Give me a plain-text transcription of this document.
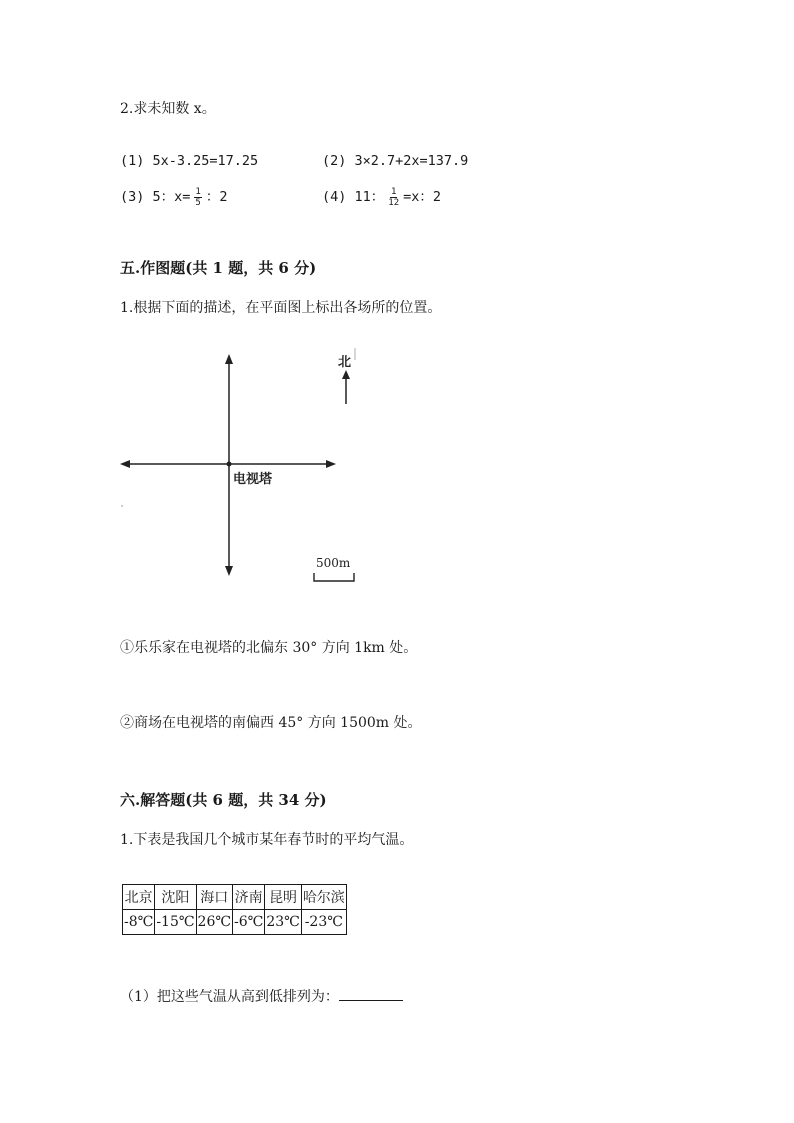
2.求未知数 x。
(1) 5x-3.25=17.25	(2) 3×2.7+2x=137.9
(3) 5：$x= \frac{1}{5}$ ：2	(4) 11： $\frac{1}{12} =x$：2
五.作图题(共 1 题，共 6 分)
1.根据下面的描述，在平面图上标出各场所的位置。
电视塔
北
500m
①乐乐家在电视塔的北偏东 30° 方向 1km 处。
②商场在电视塔的南偏西 45° 方向 1500m 处。
六.解答题(共 6 题，共 34 分)
1.下表是我国几个城市某年春节时的平均气温。
北京	沈阳	海口	济南	昆明	哈尔滨
-8℃	-15℃	26℃	-6℃	23℃	-23℃
（1）把这些气温从高到低排列为：
